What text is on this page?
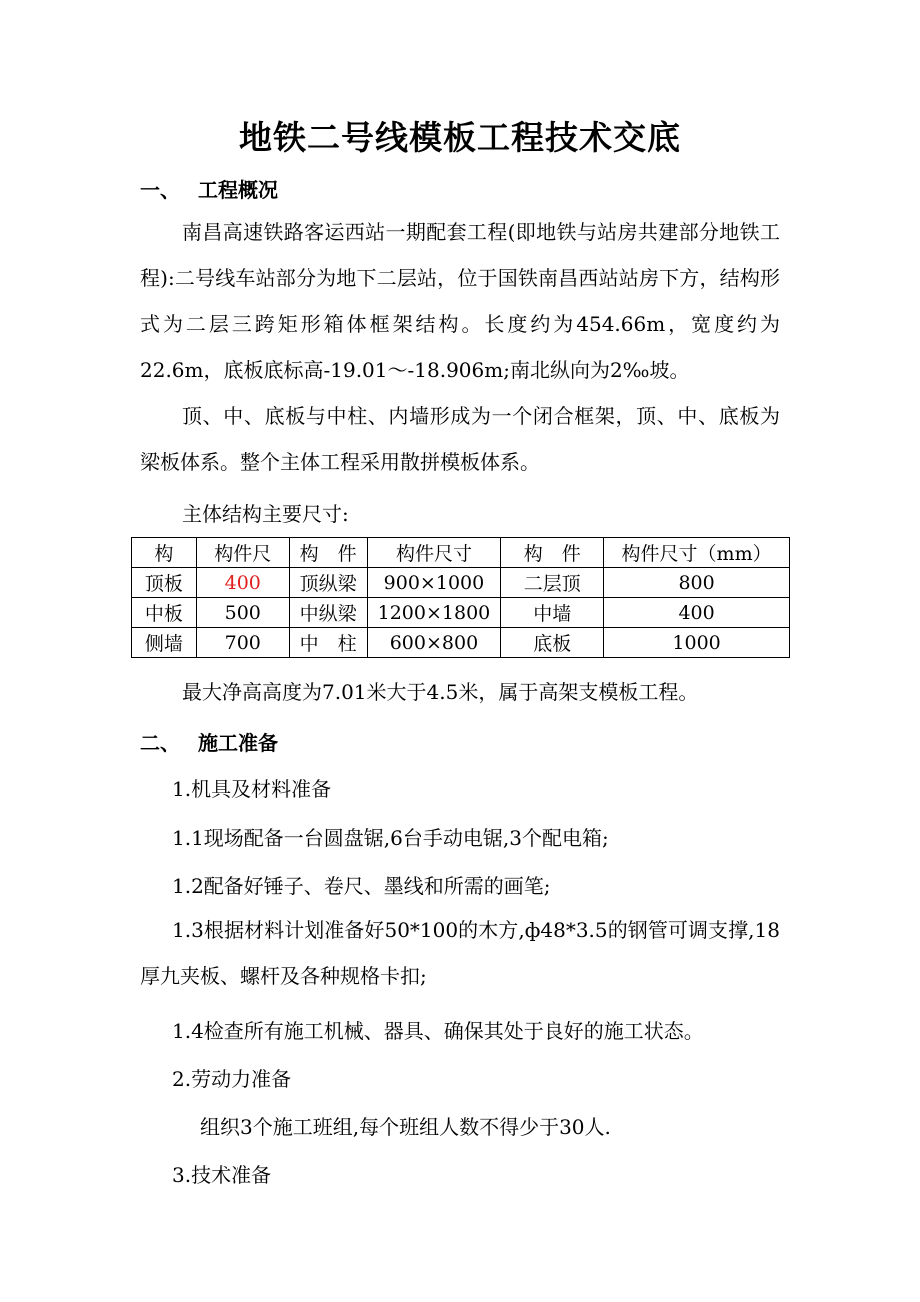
地铁二号线模板工程技术交底
一、 工程概况
南昌高速铁路客运西站一期配套工程(即地铁与站房共建部分地铁工程):二号线车站部分为地下二层站，位于国铁南昌西站站房下方，结构形式为二层三跨矩形箱体框架结构。长度约为454.66m，宽度约为22.6m，底板底标高-19.01～-18.906m;南北纵向为2‰坡。
顶、中、底板与中柱、内墙形成为一个闭合框架，顶、中、底板为梁板体系。整个主体工程采用散拼模板体系。
主体结构主要尺寸:
构	构件尺	构　件	构件尺寸	构　件	构件尺寸（mm）
顶板	400	顶纵梁	900×1000	二层顶	800
中板	500	中纵梁	1200×1800	中墙	400
侧墙	700	中　柱	600×800	底板	1000
最大净高高度为7.01米大于4.5米，属于高架支模板工程。
二、 施工准备
1.机具及材料准备
1.1现场配备一台圆盘锯,6台手动电锯,3个配电箱;
1.2配备好锤子、卷尺、墨线和所需的画笔;
1.3根据材料计划准备好50*100的木方,ф48*3.5的钢管可调支撑,18厚九夹板、螺杆及各种规格卡扣;
1.4检查所有施工机械、器具、确保其处于良好的施工状态。
2.劳动力准备
组织3个施工班组,每个班组人数不得少于30人.
3.技术准备
